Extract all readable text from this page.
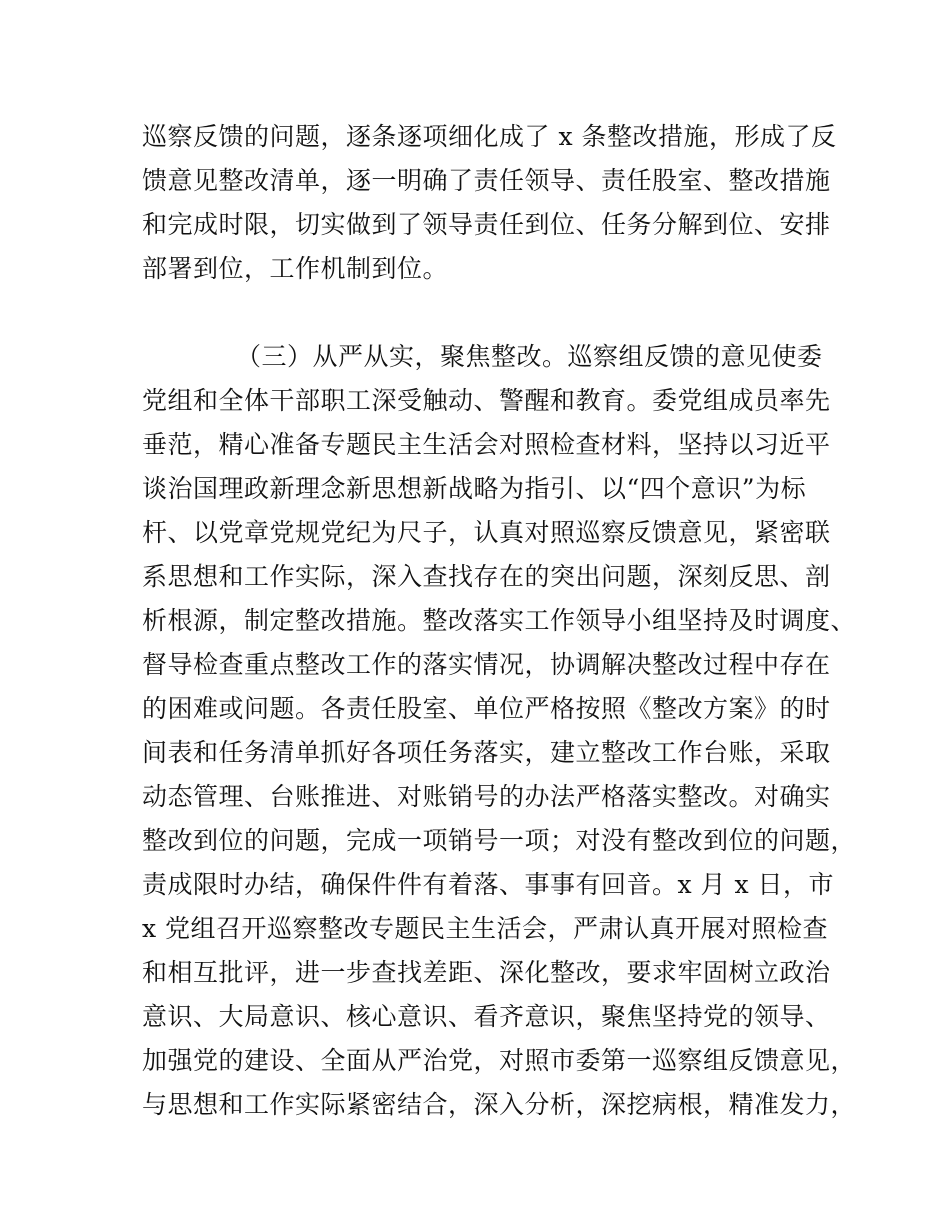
巡察反馈的问题，逐条逐项细化成了 x 条整改措施，形成了反
馈意见整改清单，逐一明确了责任领导、责任股室、整改措施
和完成时限，切实做到了领导责任到位、任务分解到位、安排
部署到位，工作机制到位。
（三）从严从实，聚焦整改。巡察组反馈的意见使委
党组和全体干部职工深受触动、警醒和教育。委党组成员率先
垂范，精心准备专题民主生活会对照检查材料，坚持以习近平
谈治国理政新理念新思想新战略为指引、以“四个意识”为标
杆、以党章党规党纪为尺子，认真对照巡察反馈意见，紧密联
系思想和工作实际，深入查找存在的突出问题，深刻反思、剖
析根源，制定整改措施。整改落实工作领导小组坚持及时调度、
督导检查重点整改工作的落实情况，协调解决整改过程中存在
的困难或问题。各责任股室、单位严格按照《整改方案》的时
间表和任务清单抓好各项任务落实，建立整改工作台账，采取
动态管理、台账推进、对账销号的办法严格落实整改。对确实
整改到位的问题，完成一项销号一项；对没有整改到位的问题，
责成限时办结，确保件件有着落、事事有回音。x 月 x 日，市
x 党组召开巡察整改专题民主生活会，严肃认真开展对照检查
和相互批评，进一步查找差距、深化整改，要求牢固树立政治
意识、大局意识、核心意识、看齐意识，聚焦坚持党的领导、
加强党的建设、全面从严治党，对照市委第一巡察组反馈意见，
与思想和工作实际紧密结合，深入分析，深挖病根，精准发力，
